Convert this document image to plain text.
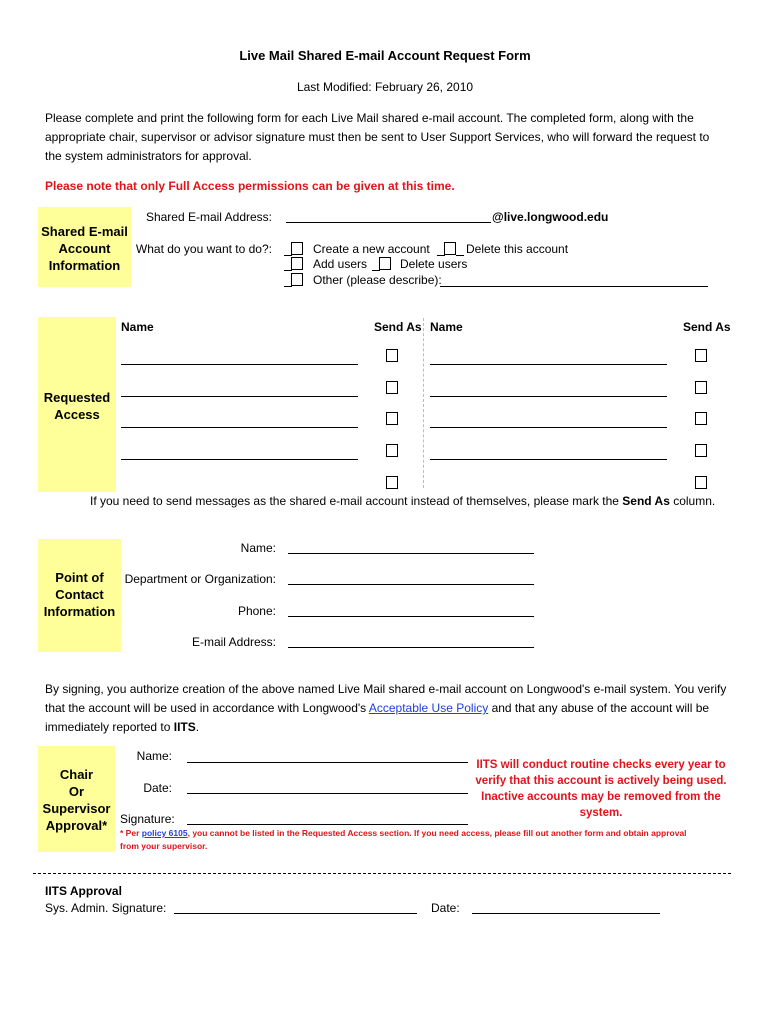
Live Mail Shared E-mail Account Request Form
Last Modified: February 26, 2010
Please complete and print the following form for each Live Mail shared e-mail account. The completed form, along with the appropriate chair, supervisor or advisor signature must then be sent to User Support Services, who will forward the request to the system administrators for approval.
Please note that only Full Access permissions can be given at this time.
Shared E-mail
Account
Information
Shared E-mail Address:	@live.longwood.edu
What do you want to do?:	Create a new account	Delete this account
Add users	Delete users
Other (please describe):
Requested
Access
Name	Send As Name	Send As
If you need to send messages as the shared e-mail account instead of themselves, please mark the Send As column.
Point of
Contact
Information
Name:
Department or Organization:
Phone:
E-mail Address:
By signing, you authorize creation of the above named Live Mail shared e-mail account on Longwood's e-mail system. You verify that the account will be used in accordance with Longwood's Acceptable Use Policy and that any abuse of the account will be immediately reported to IITS.
Chair
Or
Supervisor
Approval*
Name:
Date:
Signature:
IITS will conduct routine checks every year to
verify that this account is actively being used.
Inactive accounts may be removed from the
system.
* Per policy 6105, you cannot be listed in the Requested Access section. If you need access, please fill out another form and obtain approval
from your supervisor.
IITS Approval
Sys. Admin. Signature:	Date:
